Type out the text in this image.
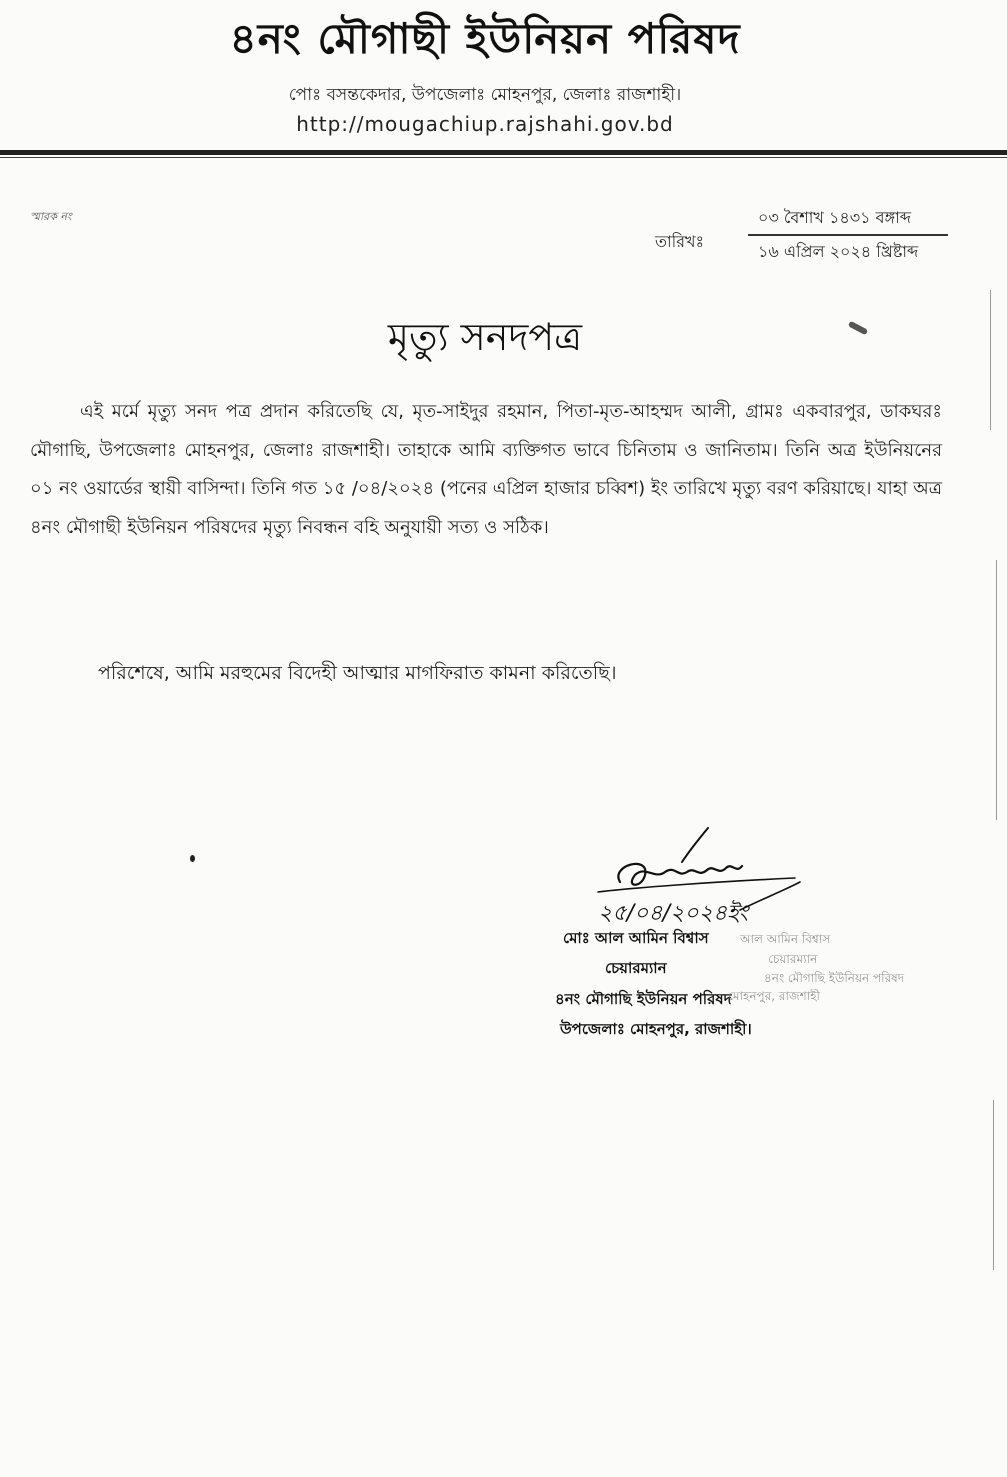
৪নং মৌগাছী ইউনিয়ন পরিষদ
পোঃ বসন্তকেদার, উপজেলাঃ মোহনপুর, জেলাঃ রাজশাহী।
http://mougachiup.rajshahi.gov.bd
স্মারক নং
তারিখঃ
০৩ বৈশাখ ১৪৩১ বঙ্গাব্দ
১৬ এপ্রিল ২০২৪ খ্রিষ্টাব্দ
মৃত্যু সনদপত্র

এই মর্মে মৃত্যু সনদ পত্র প্রদান করিতেছি যে, মৃত-সাইদুর রহমান, পিতা-মৃত-আহম্মদ আলী, গ্রামঃ একবারপুর, ডাকঘরঃ মৌগাছি, উপজেলাঃ মোহনপুর, জেলাঃ রাজশাহী। তাহাকে আমি ব্যক্তিগত ভাবে চিনিতাম ও জানিতাম। তিনি অত্র ইউনিয়নের ০১ নং ওয়ার্ডের স্থায়ী বাসিন্দা। তিনি গত ১৫ /০৪/২০২৪ (পনের এপ্রিল হাজার চব্বিশ) ইং তারিখে মৃত্যু বরণ করিয়াছে। যাহা অত্র ৪নং মৌগাছী ইউনিয়ন পরিষদের মৃত্যু নিবন্ধন বহি অনুযায়ী সত্য ও সঠিক।

পরিশেষে, আমি মরহুমের বিদেহী আত্মার মাগফিরাত কামনা করিতেছি।
২৫/০৪/২০২৪ইং
মোঃ আল আমিন বিশ্বাস
চেয়ারম্যান
৪নং মৌগাছি ইউনিয়ন পরিষদ
উপজেলাঃ মোহনপুর, রাজশাহী।
আল আমিন বিশ্বাস
চেয়ারম্যান
৪নং মৌগাছি ইউনিয়ন পরিষদ
মোহনপুর, রাজশাহী
